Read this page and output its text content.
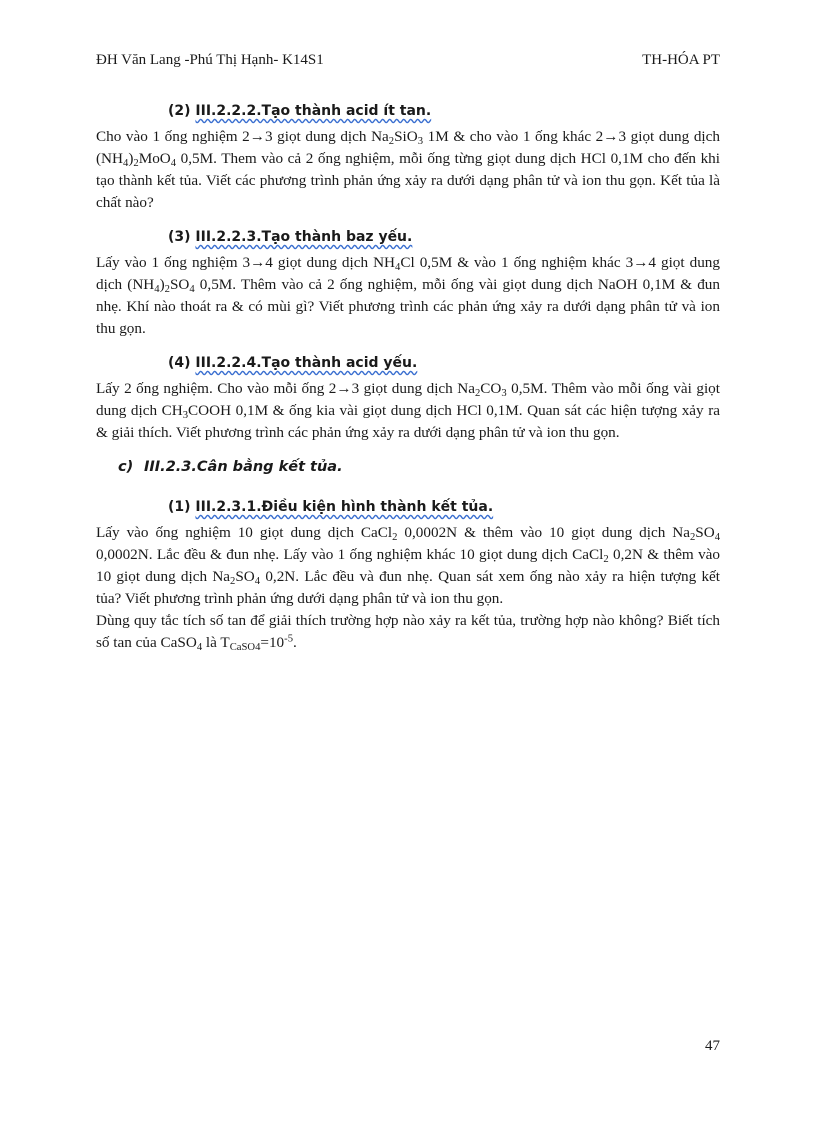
ĐH Văn Lang -Phú Thị Hạnh- K14S1	TH-HÓA PT
(2) III.2.2.2.Tạo thành acid ít tan.

Cho vào 1 ống nghiệm 2→3 giọt dung dịch $Na_2SiO_3$ 1M & cho vào 1 ống khác 2→3 giọt dung dịch $(NH_4)_2MoO_4$ 0,5M. Them vào cả 2 ống nghiệm, mỗi ống từng giọt dung dịch HCl 0,1M cho đến khi tạo thành kết tủa. Viết các phương trình phản ứng xảy ra dưới dạng phân tử và ion thu gọn. Kết tủa là chất nào?

(3) III.2.2.3.Tạo thành baz yếu.

Lấy vào 1 ống nghiệm 3→4 giọt dung dịch $NH_4Cl$ 0,5M & vào 1 ống nghiệm khác 3→4 giọt dung dịch $(NH_4)_2SO_4$ 0,5M. Thêm vào cả 2 ống nghiệm, mỗi ống vài giọt dung dịch NaOH 0,1M & đun nhẹ. Khí nào thoát ra & có mùi gì? Viết phương trình các phản ứng xảy ra dưới dạng phân tử và ion thu gọn.

(4) III.2.2.4.Tạo thành acid yếu.

Lấy 2 ống nghiệm. Cho vào mỗi ống 2→3 giọt dung dịch $Na_2CO_3$ 0,5M. Thêm vào mỗi ống vài giọt dung dịch $CH_3COOH$ 0,1M & ống kia vài giọt dung dịch HCl 0,1M. Quan sát các hiện tượng xảy ra & giải thích. Viết phương trình các phản ứng xảy ra dưới dạng phân tử và ion thu gọn.

c) III.2.3.Cân bằng kết tủa.
(1) III.2.3.1.Điều kiện hình thành kết tủa.

Lấy vào ống nghiệm 10 giọt dung dịch CaCl$_2$ 0,0002N & thêm vào 10 giọt dung dịch $Na_2SO_4$ 0,0002N. Lắc đều & đun nhẹ. Lấy vào 1 ống nghiệm khác 10 giọt dung dịch CaCl$_2$ 0,2N & thêm vào 10 giọt dung dịch $Na_2SO_4$ 0,2N. Lắc đều và đun nhẹ. Quan sát xem ống nào xảy ra hiện tượng kết tủa? Viết phương trình phản ứng dưới dạng phân tử và ion thu gọn.

Dùng quy tắc tích số tan để giải thích trường hợp nào xảy ra kết tủa, trường hợp nào không? Biết tích số tan của CaSO$_4$ là $T_{CaSO4}=10^{-5}$.

47
